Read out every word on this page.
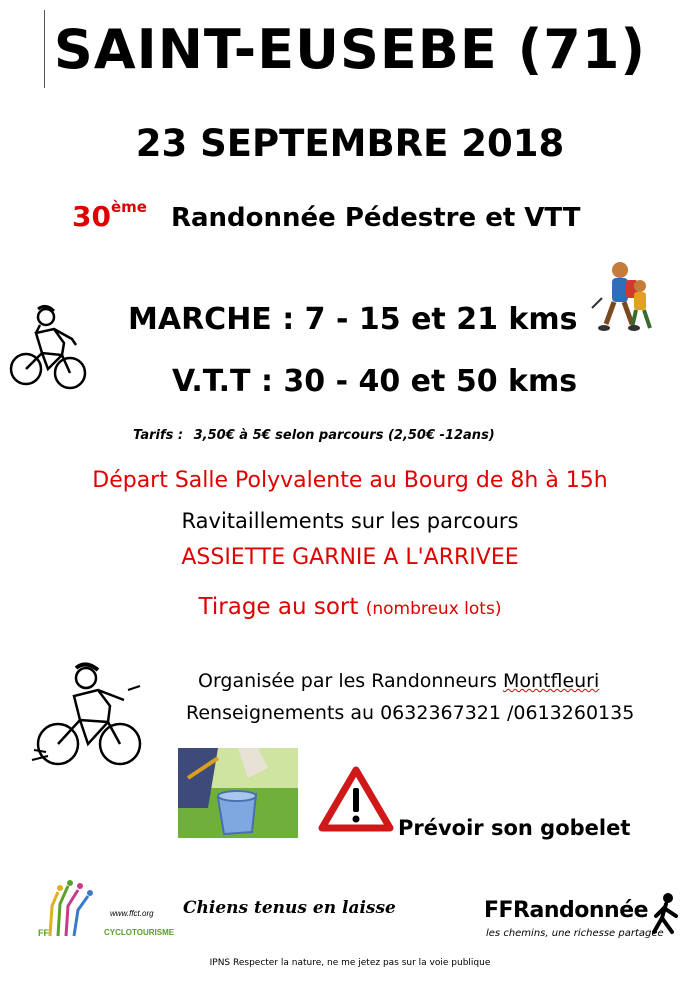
SAINT-EUSEBE (71)
23 SEPTEMBRE 2018
30ème Randonnée Pédestre et VTT
MARCHE : 7 - 15 et 21 kms
V.T.T : 30 - 40 et 50 kms
Tarifs : 3,50€ à 5€ selon parcours (2,50€ -12ans)
Départ Salle Polyvalente au Bourg de 8h à 15h
Ravitaillements sur les parcours
ASSIETTE GARNIE A L'ARRIVEE
Tirage au sort (nombreux lots)
Organisée par les Randonneurs Montfleuri
Renseignements au 0632367321 /0613260135
Prévoir son gobelet
www.ffct.org
FF	CYCLOTOURISME
Chiens tenus en laisse	FFRandonnée
les chemins, une richesse partagée
IPNS Respecter la nature, ne me jetez pas sur la voie publique
